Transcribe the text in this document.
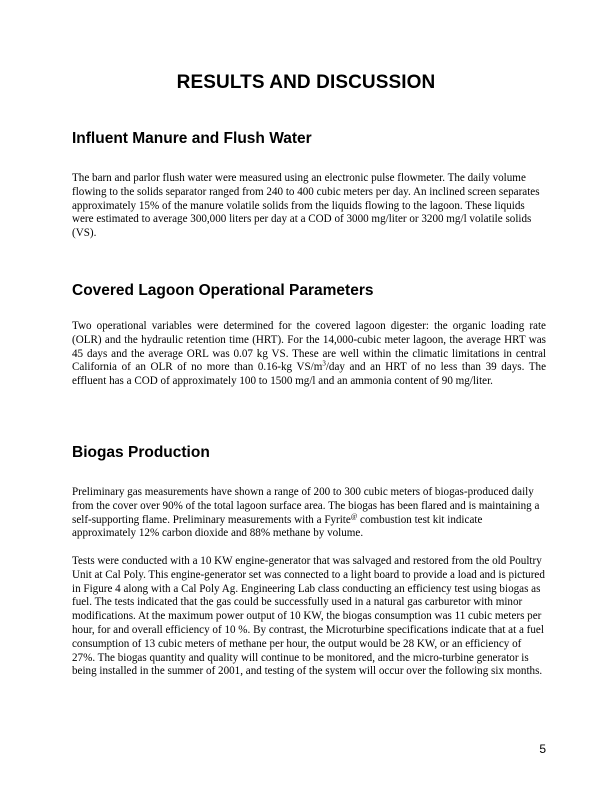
RESULTS AND DISCUSSION
Influent Manure and Flush Water

The barn and parlor flush water were measured using an electronic pulse flowmeter. The daily volume flowing to the solids separator ranged from 240 to 400 cubic meters per day. An inclined screen separates approximately 15% of the manure volatile solids from the liquids flowing to the lagoon. These liquids were estimated to average 300,000 liters per day at a COD of 3000 mg/liter or 3200 mg/l volatile solids (VS).

Covered Lagoon Operational Parameters

Two operational variables were determined for the covered lagoon digester: the organic loading rate (OLR) and the hydraulic retention time (HRT). For the 14,000-cubic meter lagoon, the average HRT was 45 days and the average ORL was 0.07 kg VS. These are well within the climatic limitations in central California of an OLR of no more than 0.16-kg $VS/m^3$/day and an HRT of no less than 39 days. The effluent has a COD of approximately 100 to 1500 mg/l and an ammonia content of 90 mg/liter.

Biogas Production

Preliminary gas measurements have shown a range of 200 to 300 cubic meters of biogas-produced daily from the cover over 90% of the total lagoon surface area. The biogas has been flared and is maintaining a self-supporting flame. Preliminary measurements with a Fyrite@ combustion test kit indicate approximately 12% carbon dioxide and 88% methane by volume.

Tests were conducted with a 10 KW engine-generator that was salvaged and restored from the old Poultry Unit at Cal Poly. This engine-generator set was connected to a light board to provide a load and is pictured in Figure 4 along with a Cal Poly Ag. Engineering Lab class conducting an efficiency test using biogas as fuel. The tests indicated that the gas could be successfully used in a natural gas carburetor with minor modifications. At the maximum power output of 10 KW, the biogas consumption was 11 cubic meters per hour, for and overall efficiency of 10 %. By contrast, the Microturbine specifications indicate that at a fuel consumption of 13 cubic meters of methane per hour, the output would be 28 KW, or an efficiency of 27%. The biogas quantity and quality will continue to be monitored, and the micro-turbine generator is being installed in the summer of 2001, and testing of the system will occur over the following six months.

5
